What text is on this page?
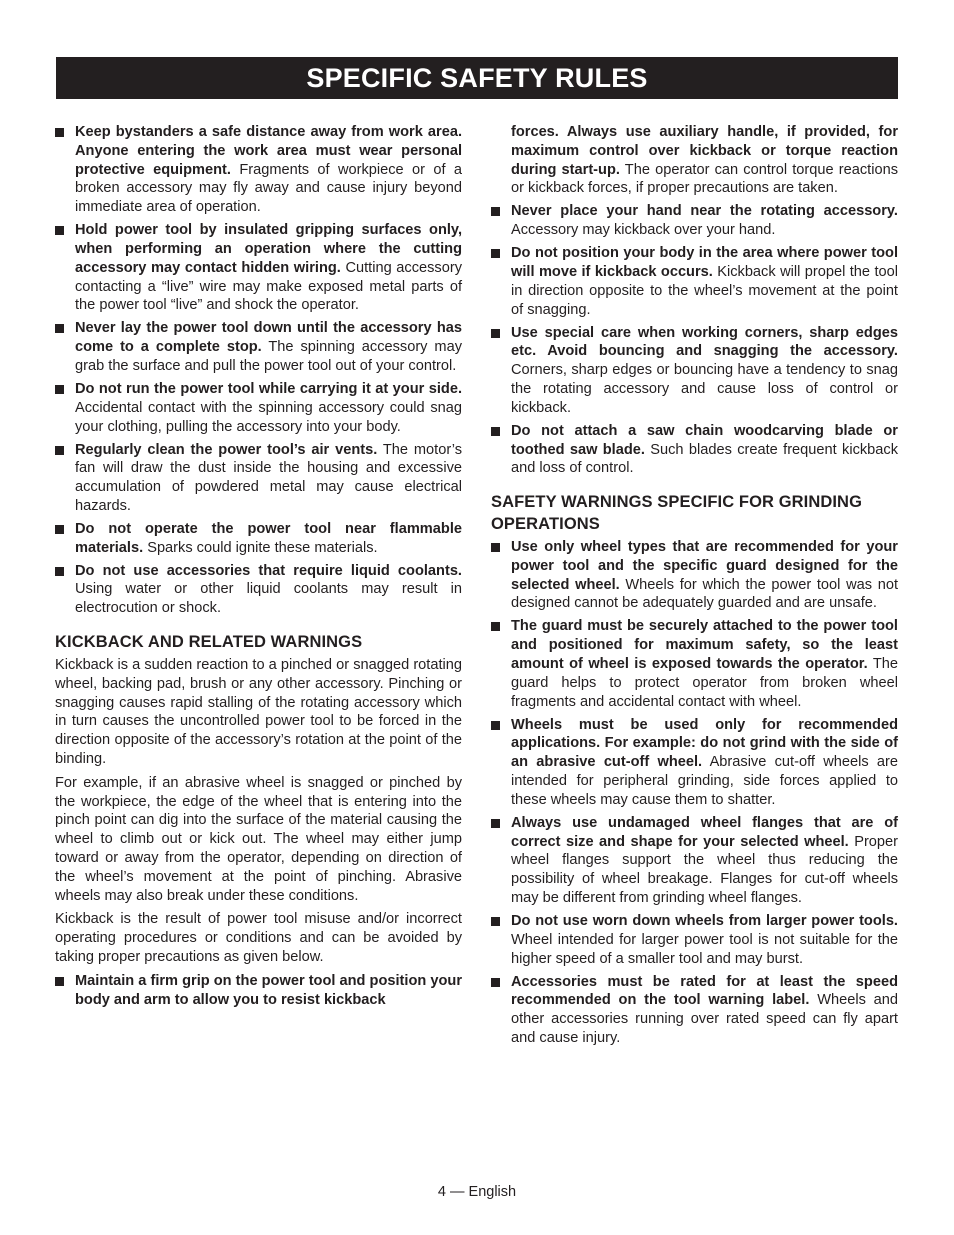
SPECIFIC SAFETY RULES

Keep bystanders a safe distance away from work area. Anyone entering the work area must wear personal protective equipment. Fragments of workpiece or of a broken accessory may fly away and cause injury beyond immediate area of operation.

Hold power tool by insulated gripping surfaces only, when performing an operation where the cutting accessory may contact hidden wiring. Cutting accessory contacting a “live” wire may make exposed metal parts of the power tool “live” and shock the operator.

Never lay the power tool down until the accessory has come to a complete stop. The spinning accessory may grab the surface and pull the power tool out of your control.

Do not run the power tool while carrying it at your side. Accidental contact with the spinning accessory could snag your clothing, pulling the accessory into your body.

Regularly clean the power tool’s air vents. The motor’s fan will draw the dust inside the housing and excessive accumulation of powdered metal may cause electrical hazards.

Do not operate the power tool near flammable materials. Sparks could ignite these materials.

Do not use accessories that require liquid coolants. Using water or other liquid coolants may result in electrocution or shock.

KICKBACK AND RELATED WARNINGS

Kickback is a sudden reaction to a pinched or snagged rotating wheel, backing pad, brush or any other accessory. Pinching or snagging causes rapid stalling of the rotating accessory which in turn causes the uncontrolled power tool to be forced in the direction opposite of the accessory’s rotation at the point of the binding.

For example, if an abrasive wheel is snagged or pinched by the workpiece, the edge of the wheel that is entering into the pinch point can dig into the surface of the material causing the wheel to climb out or kick out. The wheel may either jump toward or away from the operator, depending on direction of the wheel’s movement at the point of pinching. Abrasive wheels may also break under these conditions.

Kickback is the result of power tool misuse and/or incorrect operating procedures or conditions and can be avoided by taking proper precautions as given below.

Maintain a firm grip on the power tool and position your body and arm to allow you to resist kickback

forces. Always use auxiliary handle, if provided, for maximum control over kickback or torque reaction during start-up. The operator can control torque reactions or kickback forces, if proper precautions are taken.

Never place your hand near the rotating accessory. Accessory may kickback over your hand.

Do not position your body in the area where power tool will move if kickback occurs. Kickback will propel the tool in direction opposite to the wheel’s movement at the point of snagging.

Use special care when working corners, sharp edges etc. Avoid bouncing and snagging the accessory. Corners, sharp edges or bouncing have a tendency to snag the rotating accessory and cause loss of control or kickback.

Do not attach a saw chain woodcarving blade or toothed saw blade. Such blades create frequent kickback and loss of control.

SAFETY WARNINGS SPECIFIC FOR GRINDING OPERATIONS

Use only wheel types that are recommended for your power tool and the specific guard designed for the selected wheel. Wheels for which the power tool was not designed cannot be adequately guarded and are unsafe.

The guard must be securely attached to the power tool and positioned for maximum safety, so the least amount of wheel is exposed towards the operator. The guard helps to protect operator from broken wheel fragments and accidental contact with wheel.

Wheels must be used only for recommended applications. For example: do not grind with the side of an abrasive cut-off wheel. Abrasive cut-off wheels are intended for peripheral grinding, side forces applied to these wheels may cause them to shatter.

Always use undamaged wheel flanges that are of correct size and shape for your selected wheel. Proper wheel flanges support the wheel thus reducing the possibility of wheel breakage. Flanges for cut-off wheels may be different from grinding wheel flanges.

Do not use worn down wheels from larger power tools. Wheel intended for larger power tool is not suitable for the higher speed of a smaller tool and may burst.

Accessories must be rated for at least the speed recommended on the tool warning label. Wheels and other accessories running over rated speed can fly apart and cause injury.

4 — English
